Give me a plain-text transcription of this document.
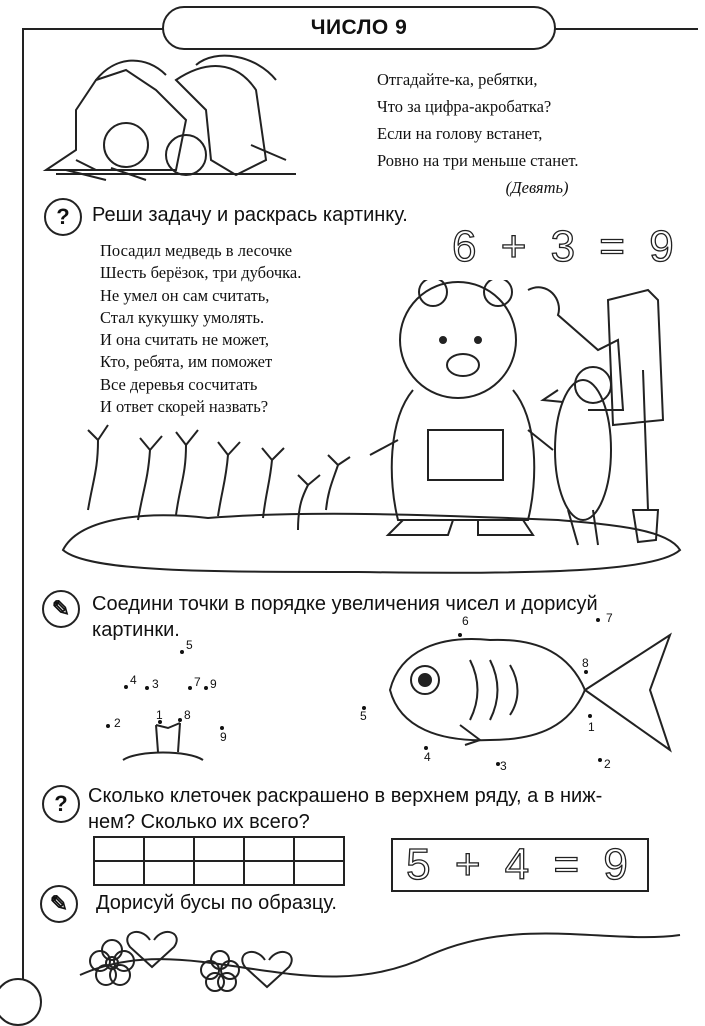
ЧИСЛО 9
Отгадайте-ка, ребятки,
Что за цифра-акробатка?
Если на голову встанет,
Ровно на три меньше станет.
(Девять)
?	Реши задачу и раскрась картинку.
6 + 3 = 9
Посадил медведь в лесочке
Шесть берёзок, три дубочка.
Не умел он сам считать,
Стал кукушку умолять.
И она считать не может,
Кто, ребята, им поможет
Все деревья сосчитать
И ответ скорей назвать?
✎	Соедини точки в порядке увеличения чисел и дорисуй
картинки.
5
4 3	7 9
2
1 8
9
6	7
8
1
5
4
3	2
?	Сколько клеточек раскрашено в верхнем ряду, а в ниж-
нем? Сколько их всего?

5 + 4 = 9
✎	Дорисуй бусы по образцу.
